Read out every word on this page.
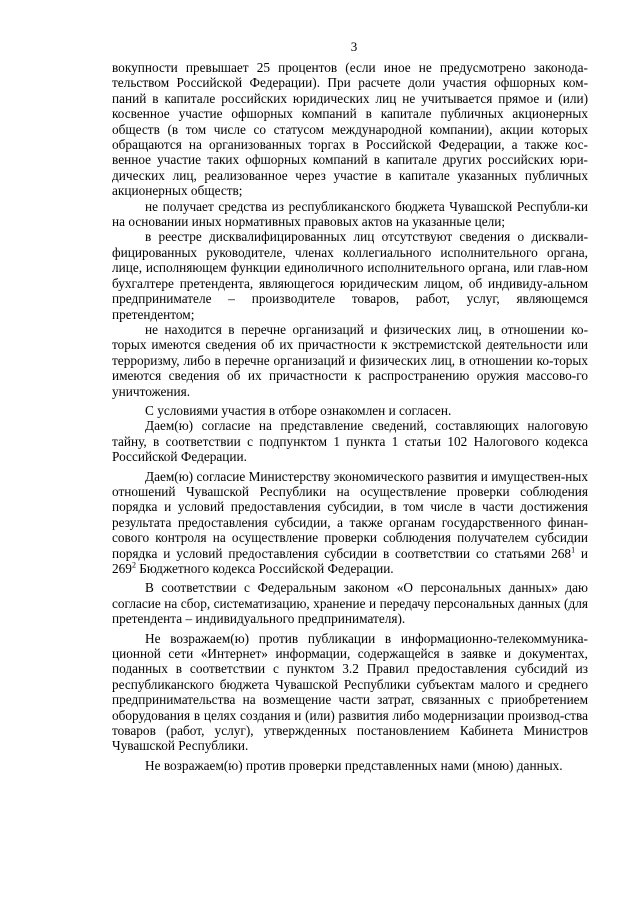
3

вокупности превышает 25 процентов (если иное не предусмотрено законода-тельством Российской Федерации). При расчете доли участия офшорных ком-паний в капитале российских юридических лиц не учитывается прямое и (или) косвенное участие офшорных компаний в капитале публичных акционерных обществ (в том числе со статусом международной компании), акции которых обращаются на организованных торгах в Российской Федерации, а также кос-венное участие таких офшорных компаний в капитале других российских юри-дических лиц, реализованное через участие в капитале указанных публичных акционерных обществ;

не получает средства из республиканского бюджета Чувашской Республи-ки на основании иных нормативных правовых актов на указанные цели;

в реестре дисквалифицированных лиц отсутствуют сведения о дисквали-фицированных руководителе, членах коллегиального исполнительного органа, лице, исполняющем функции единоличного исполнительного органа, или глав-ном бухгалтере претендента, являющегося юридическим лицом, об индивиду-альном предпринимателе – производителе товаров, работ, услуг, являющемся претендентом;

не находится в перечне организаций и физических лиц, в отношении ко-торых имеются сведения об их причастности к экстремистской деятельности или терроризму, либо в перечне организаций и физических лиц, в отношении ко-торых имеются сведения об их причастности к распространению оружия массово-го уничтожения.

С условиями участия в отборе ознакомлен и согласен.

Даем(ю) согласие на представление сведений, составляющих налоговую тайну, в соответствии с подпунктом 1 пункта 1 статьи 102 Налогового кодекса Российской Федерации.

Даем(ю) согласие Министерству экономического развития и имуществен-ных отношений Чувашской Республики на осуществление проверки соблюдения порядка и условий предоставления субсидии, в том числе в части достижения результата предоставления субсидии, а также органам государственного финан-сового контроля на осуществление проверки соблюдения получателем субсидии порядка и условий предоставления субсидии в соответствии со статьями $268^1$ и $269^2$ Бюджетного кодекса Российской Федерации.

В соответствии с Федеральным законом «О персональных данных» даю согласие на сбор, систематизацию, хранение и передачу персональных данных (для претендента – индивидуального предпринимателя).

Не возражаем(ю) против публикации в информационно-телекоммуника-ционной сети «Интернет» информации, содержащейся в заявке и документах, поданных в соответствии с пунктом 3.2 Правил предоставления субсидий из республиканского бюджета Чувашской Республики субъектам малого и среднего предпринимательства на возмещение части затрат, связанных с приобретением оборудования в целях создания и (или) развития либо модернизации производ-ства товаров (работ, услуг), утвержденных постановлением Кабинета Министров Чувашской Республики.

Не возражаем(ю) против проверки представленных нами (мною) данных.
